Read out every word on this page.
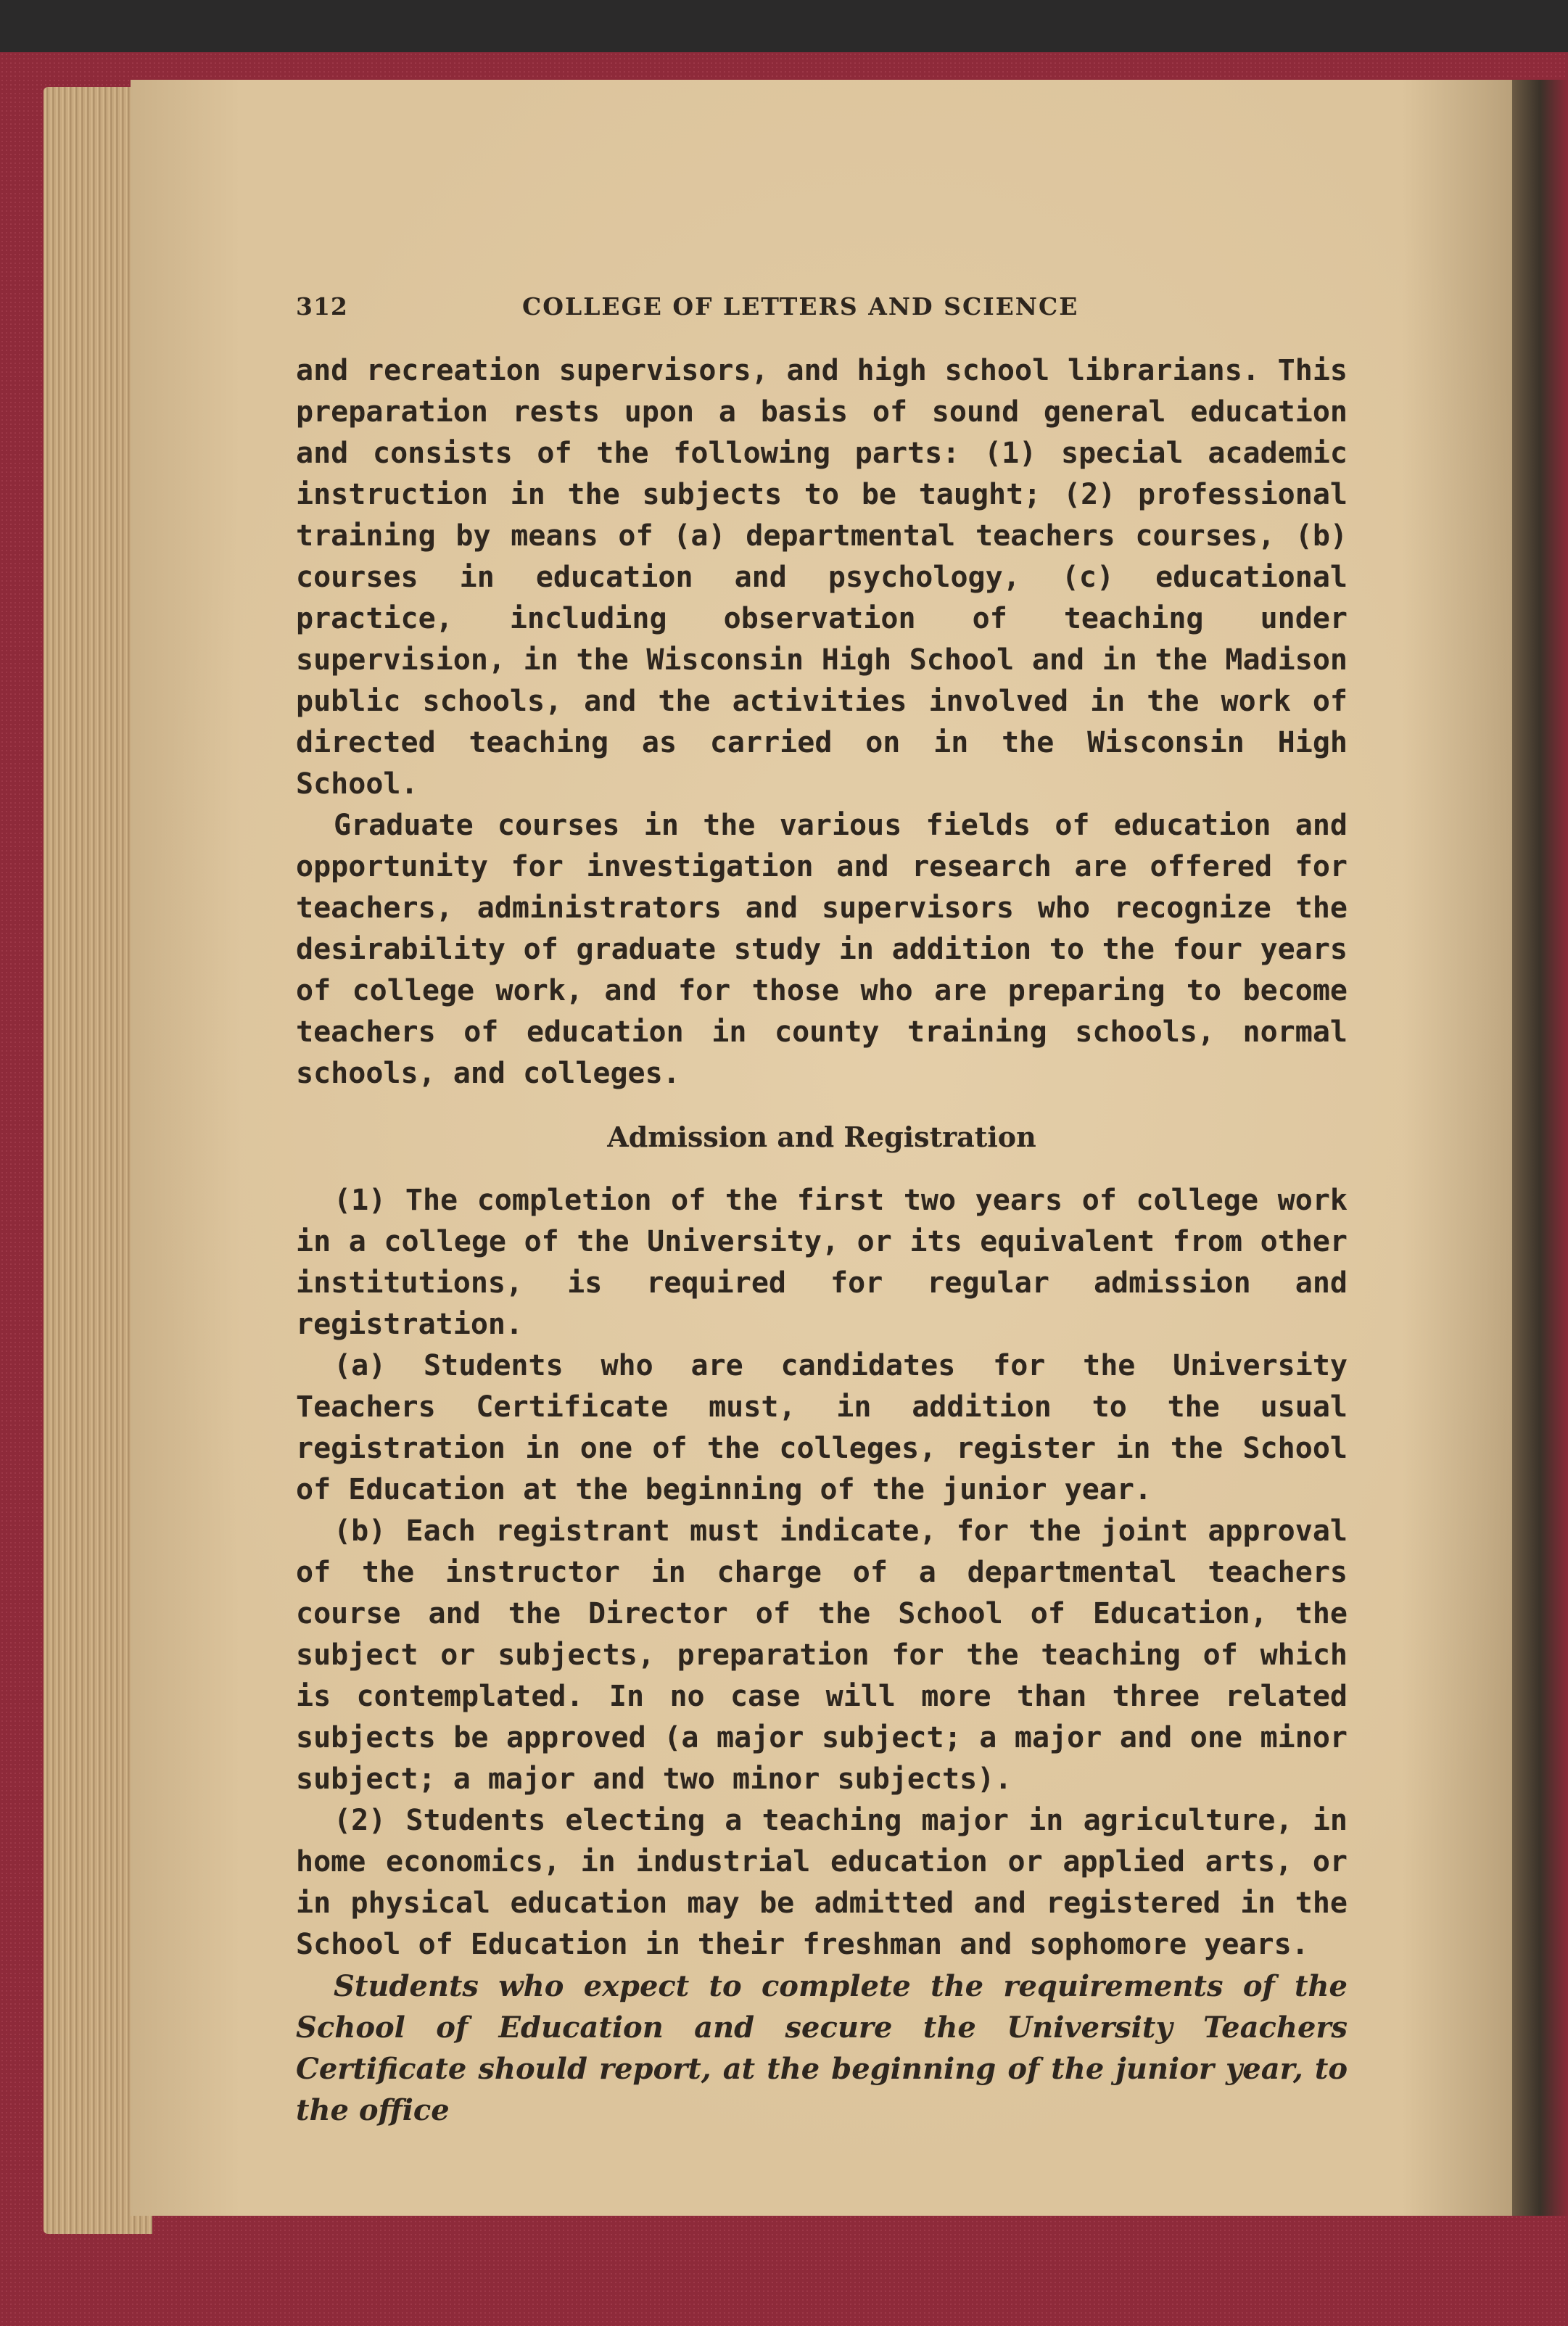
312	COLLEGE OF LETTERS AND SCIENCE

and recreation supervisors, and high school librarians. This preparation rests upon a basis of sound general education and consists of the following parts: (1) special academic instruction in the subjects to be taught; (2) professional training by means of (a) departmental teachers courses, (b) courses in education and psychology, (c) educational practice, including observation of teaching under supervision, in the Wisconsin High School and in the Madison public schools, and the activities involved in the work of directed teaching as carried on in the Wisconsin High School.

Graduate courses in the various fields of education and opportunity for investigation and research are offered for teachers, administrators and supervisors who recognize the desirability of graduate study in addition to the four years of college work, and for those who are preparing to become teachers of education in county training schools, normal schools, and colleges.

Admission and Registration

(1) The completion of the first two years of college work in a college of the University, or its equivalent from other institutions, is required for regular admission and registration.

(a) Students who are candidates for the University Teachers Certificate must, in addition to the usual registration in one of the colleges, register in the School of Education at the beginning of the junior year.

(b) Each registrant must indicate, for the joint approval of the instructor in charge of a departmental teachers course and the Director of the School of Education, the subject or subjects, preparation for the teaching of which is contemplated. In no case will more than three related subjects be approved (a major subject; a major and one minor subject; a major and two minor subjects).

(2) Students electing a teaching major in agriculture, in home economics, in industrial education or applied arts, or in physical education may be admitted and registered in the School of Education in their freshman and sophomore years.

Students who expect to complete the requirements of the School of Education and secure the University Teachers Certificate should report, at the beginning of the junior year, to the office
